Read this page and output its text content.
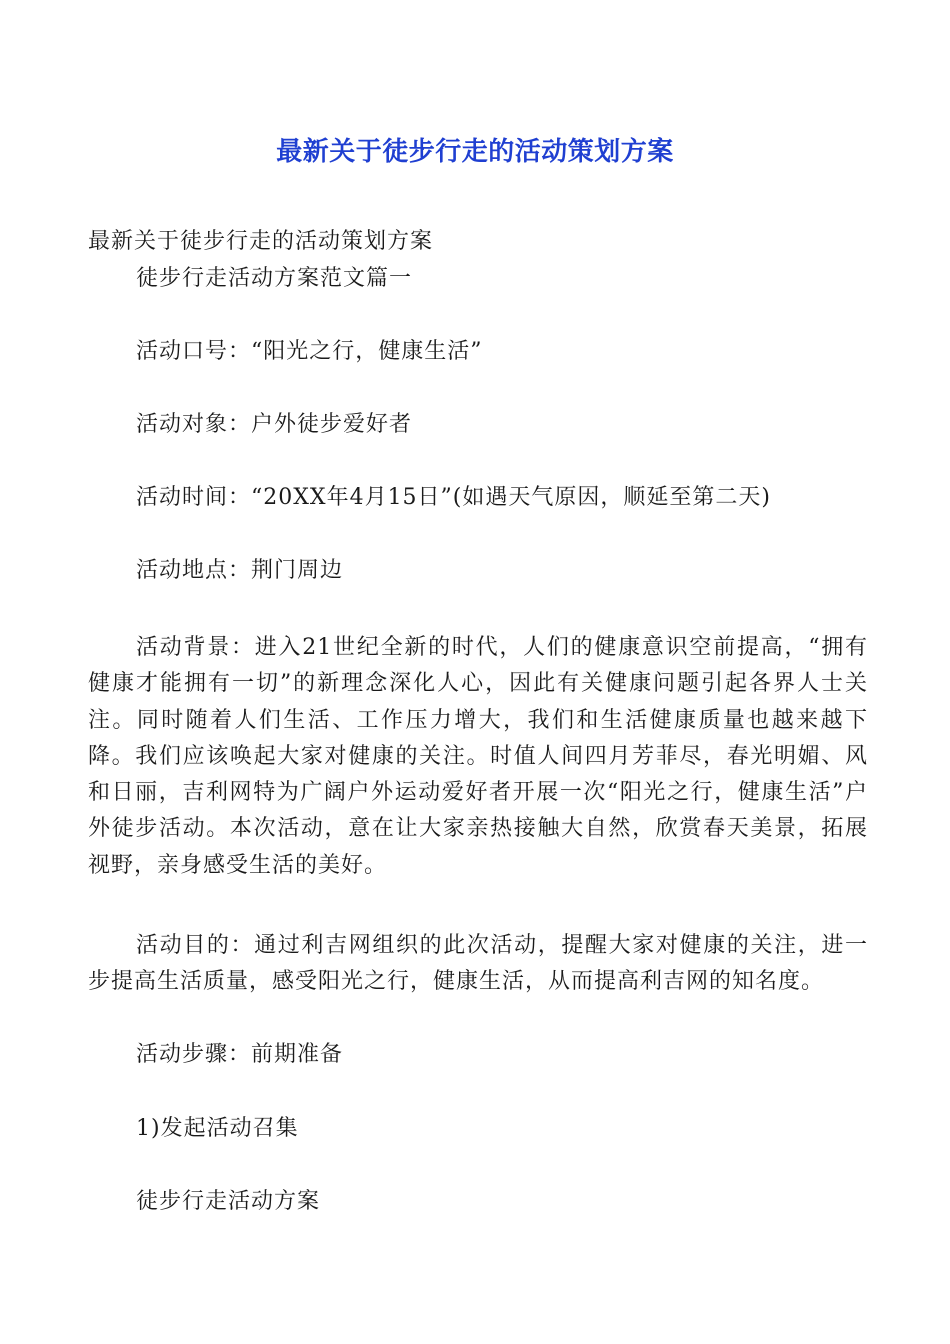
最新关于徒步行走的活动策划方案
最新关于徒步行走的活动策划方案
徒步行走活动方案范文篇一
活动口号：“阳光之行，健康生活”
活动对象：户外徒步爱好者
活动时间：“20XX年4月15日”(如遇天气原因，顺延至第二天)
活动地点：荆门周边
活动背景：进入21世纪全新的时代，人们的健康意识空前提高，“拥有健康才能拥有一切”的新理念深化人心，因此有关健康问题引起各界人士关注。同时随着人们生活、工作压力增大，我们和生活健康质量也越来越下降。我们应该唤起大家对健康的关注。时值人间四月芳菲尽，春光明媚、风和日丽，吉利网特为广阔户外运动爱好者开展一次“阳光之行，健康生活”户外徒步活动。本次活动，意在让大家亲热接触大自然，欣赏春天美景，拓展视野，亲身感受生活的美好。
活动目的：通过利吉网组织的此次活动，提醒大家对健康的关注，进一步提高生活质量，感受阳光之行，健康生活，从而提高利吉网的知名度。
活动步骤：前期准备
1)发起活动召集
徒步行走活动方案
